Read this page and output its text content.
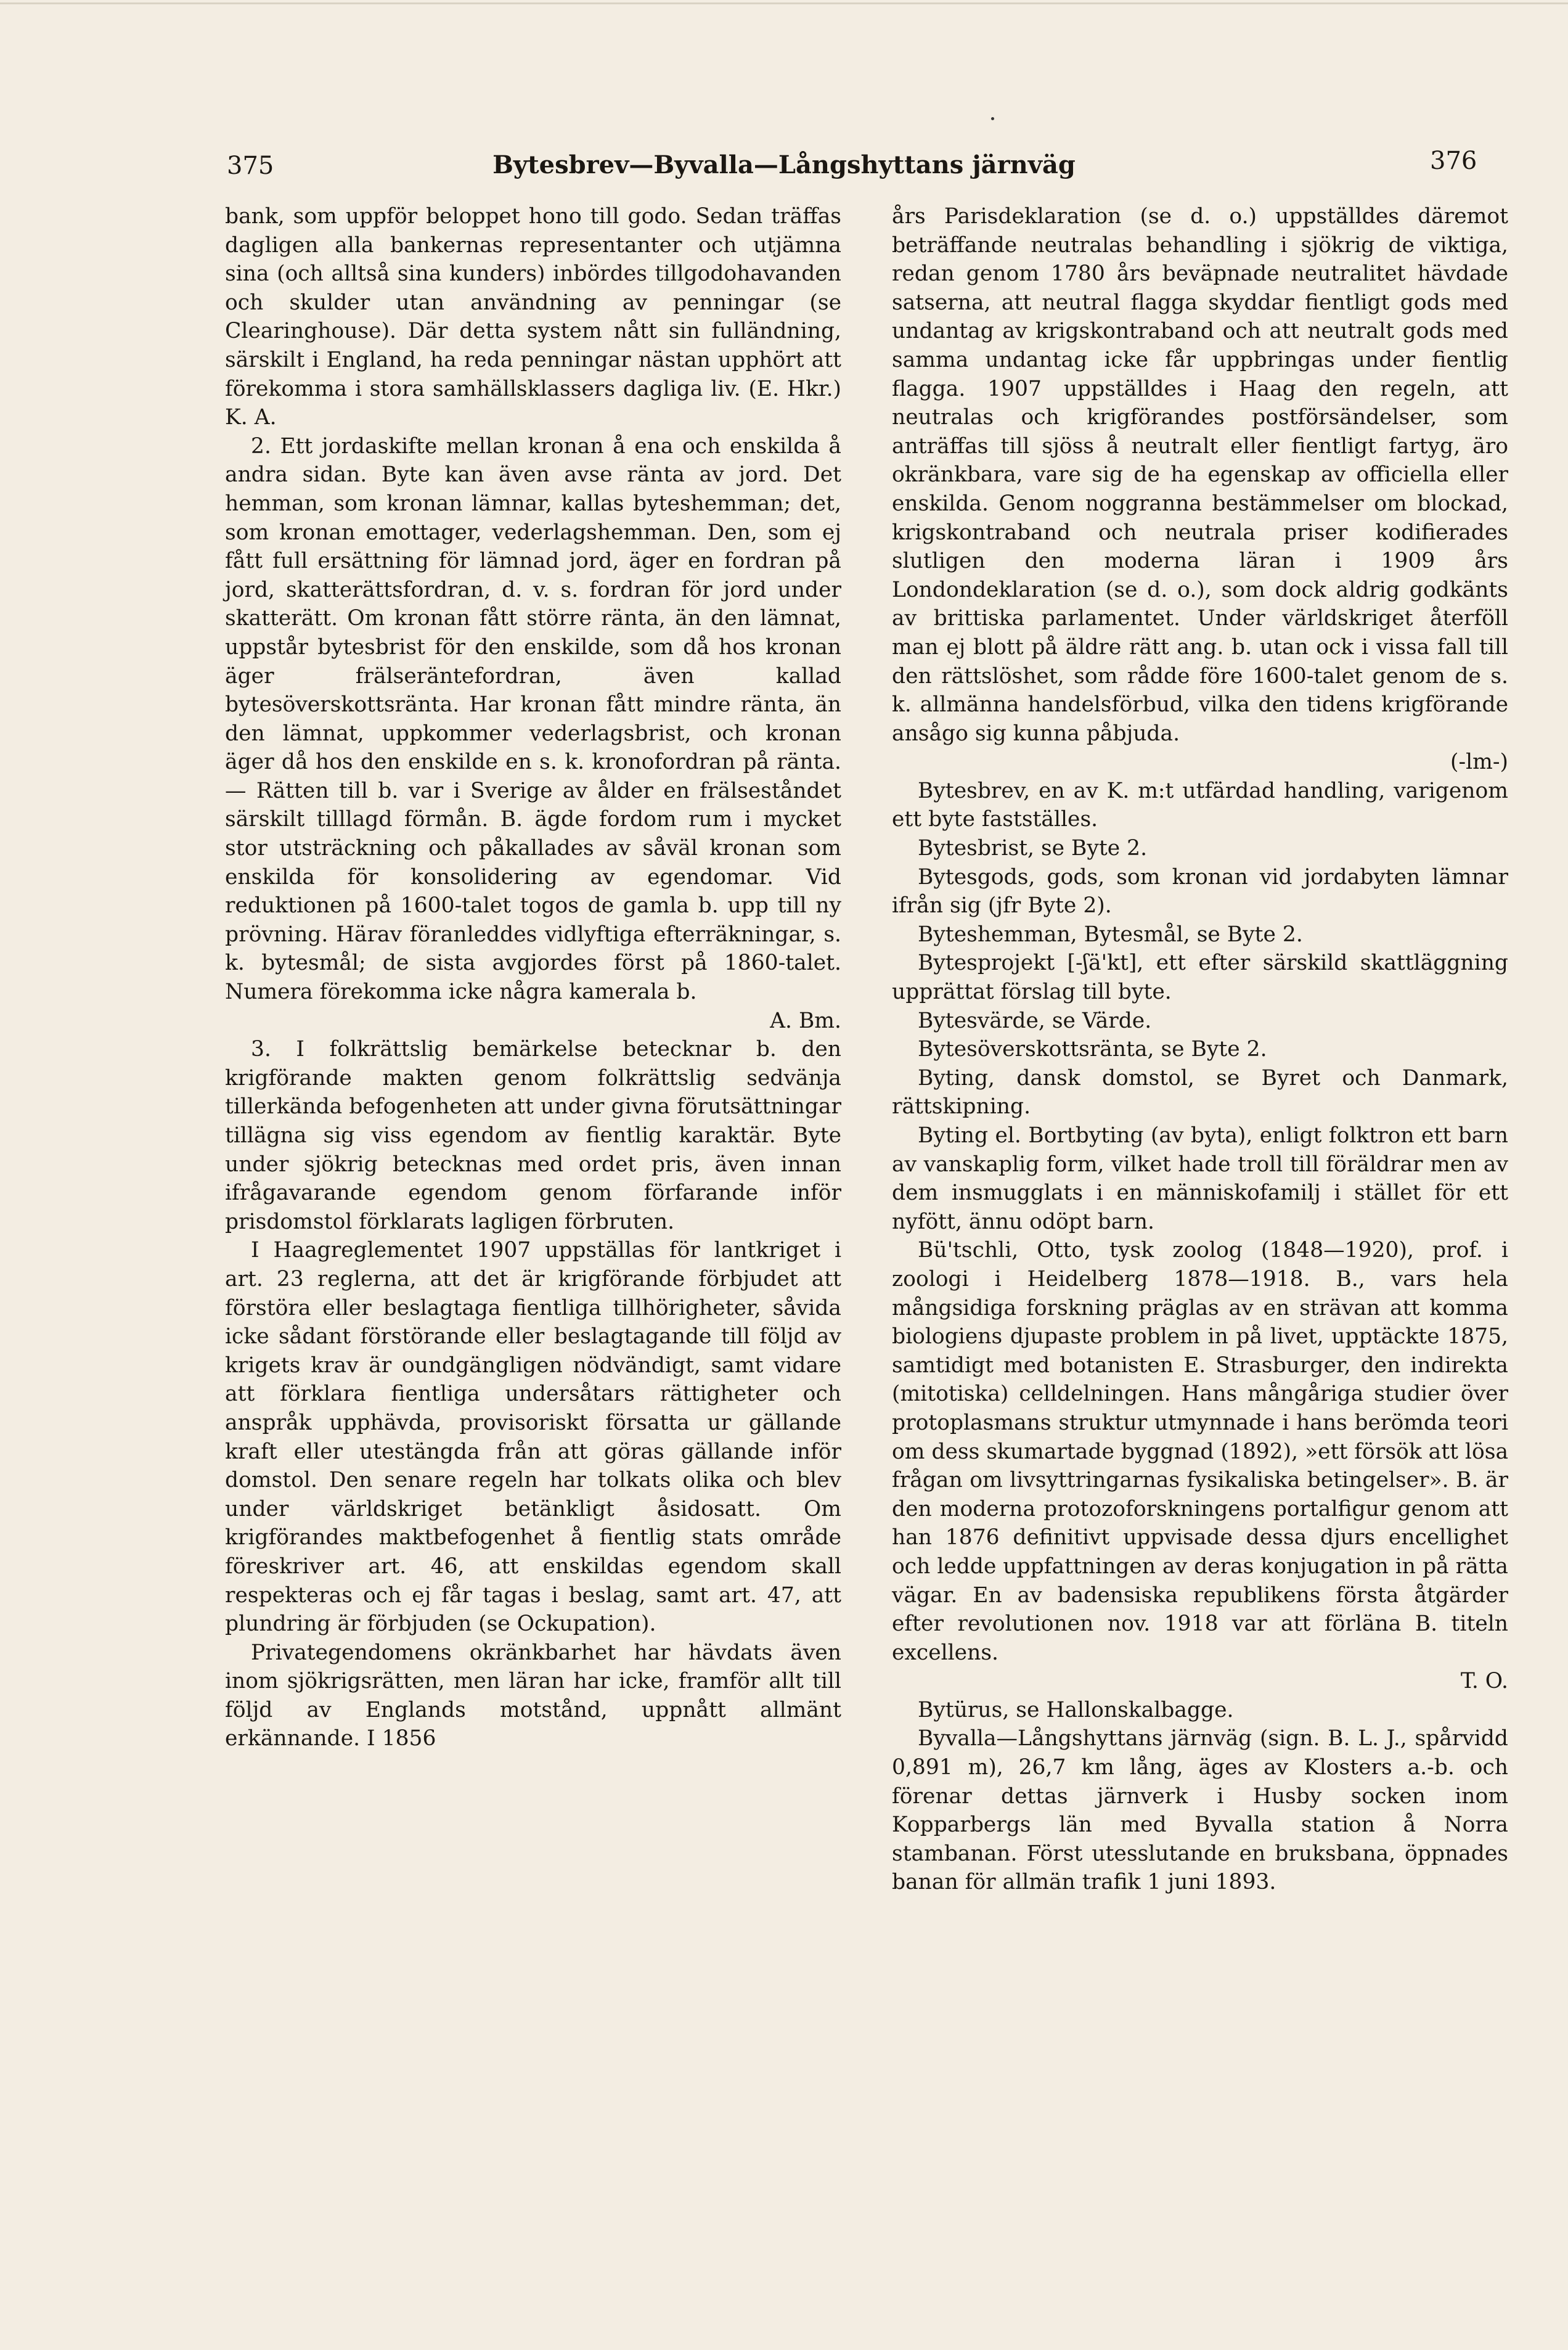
375	Bytesbrev—Byvalla—Långshyttans järnväg	376

bank, som uppför beloppet hono till godo. Sedan träffas dagligen alla bankernas representanter och utjämna sina (och alltså sina kunders) inbördes tillgodohavanden och skulder utan användning av penningar (se Clearinghouse). Där detta system nått sin fulländning, särskilt i England, ha reda penningar nästan upphört att förekomma i stora samhällsklassers dagliga liv. (E. Hkr.) K. A.

2. Ett jordaskifte mellan kronan å ena och enskilda å andra sidan. Byte kan även avse ränta av jord. Det hemman, som kronan lämnar, kallas byteshemman; det, som kronan emottager, vederlagshemman. Den, som ej fått full ersättning för lämnad jord, äger en fordran på jord, skatterättsfordran, d. v. s. fordran för jord under skatterätt. Om kronan fått större ränta, än den lämnat, uppstår bytesbrist för den enskilde, som då hos kronan äger frälseräntefordran, även kallad bytesöverskottsränta. Har kronan fått mindre ränta, än den lämnat, uppkommer vederlagsbrist, och kronan äger då hos den enskilde en s. k. kronofordran på ränta. — Rätten till b. var i Sverige av ålder en frälseståndet särskilt tilllagd förmån. B. ägde fordom rum i mycket stor utsträckning och påkallades av såväl kronan som enskilda för konsolidering av egendomar. Vid reduktionen på 1600-talet togos de gamla b. upp till ny prövning. Härav föranleddes vidlyftiga efterräkningar, s. k. bytesmål; de sista avgjordes först på 1860-talet. Numera förekomma icke några kamerala b.

A. Bm.

3. I folkrättslig bemärkelse betecknar b. den krigförande makten genom folkrättslig sedvänja tillerkända befogenheten att under givna förutsättningar tillägna sig viss egendom av fientlig karaktär. Byte under sjökrig betecknas med ordet pris, även innan ifrågavarande egendom genom förfarande inför prisdomstol förklarats lagligen förbruten.

I Haagreglementet 1907 uppställas för lantkriget i art. 23 reglerna, att det är krigförande förbjudet att förstöra eller beslagtaga fientliga tillhörigheter, såvida icke sådant förstörande eller beslagtagande till följd av krigets krav är oundgängligen nödvändigt, samt vidare att förklara fientliga undersåtars rättigheter och anspråk upphävda, provisoriskt försatta ur gällande kraft eller utestängda från att göras gällande inför domstol. Den senare regeln har tolkats olika och blev under världskriget betänkligt åsidosatt. Om krigförandes maktbefogenhet å fientlig stats område föreskriver art. 46, att enskildas egendom skall respekteras och ej får tagas i beslag, samt art. 47, att plundring är förbjuden (se Ockupation).

Privategendomens okränkbarhet har hävdats även inom sjökrigsrätten, men läran har icke, framför allt till följd av Englands motstånd, uppnått allmänt erkännande. I 1856

års Parisdeklaration (se d. o.) uppställdes däremot beträffande neutralas behandling i sjökrig de viktiga, redan genom 1780 års beväpnade neutralitet hävdade satserna, att neutral flagga skyddar fientligt gods med undantag av krigskontraband och att neutralt gods med samma undantag icke får uppbringas under fientlig flagga. 1907 uppställdes i Haag den regeln, att neutralas och krigförandes postförsändelser, som anträffas till sjöss å neutralt eller fientligt fartyg, äro okränkbara, vare sig de ha egenskap av officiella eller enskilda. Genom noggranna bestämmelser om blockad, krigskontraband och neutrala priser kodifierades slutligen den moderna läran i 1909 års Londondeklaration (se d. o.), som dock aldrig godkänts av brittiska parlamentet. Under världskriget återföll man ej blott på äldre rätt ang. b. utan ock i vissa fall till den rättslöshet, som rådde före 1600-talet genom de s. k. allmänna handelsförbud, vilka den tidens krigförande ansågo sig kunna påbjuda.

(-lm-)

Bytesbrev, en av K. m:t utfärdad handling, varigenom ett byte fastställes.

Bytesbrist, se Byte 2.

Bytesgods, gods, som kronan vid jordabyten lämnar ifrån sig (jfr Byte 2).

Byteshemman, Bytesmål, se Byte 2.

Bytesprojekt [-ʃä'kt], ett efter särskild skattläggning upprättat förslag till byte.

Bytesvärde, se Värde.

Bytesöverskottsränta, se Byte 2.

Byting, dansk domstol, se Byret och Danmark, rättskipning.

Byting el. Bortbyting (av byta), enligt folktron ett barn av vanskaplig form, vilket hade troll till föräldrar men av dem insmugglats i en människofamilj i stället för ett nyfött, ännu odöpt barn.

Bü'tschli, Otto, tysk zoolog (1848—1920), prof. i zoologi i Heidelberg 1878—1918. B., vars hela mångsidiga forskning präglas av en strävan att komma biologiens djupaste problem in på livet, upptäckte 1875, samtidigt med botanisten E. Strasburger, den indirekta (mitotiska) celldelningen. Hans mångåriga studier över protoplasmans struktur utmynnade i hans berömda teori om dess skumartade byggnad (1892), »ett försök att lösa frågan om livsyttringarnas fysikaliska betingelser». B. är den moderna protozoforskningens portalfigur genom att han 1876 definitivt uppvisade dessa djurs encellighet och ledde uppfattningen av deras konjugation in på rätta vägar. En av badensiska republikens första åtgärder efter revolutionen nov. 1918 var att förläna B. titeln excellens.

T. O.

Bytürus, se Hallonskalbagge.

Byvalla—Långshyttans järnväg (sign. B. L. J., spårvidd 0,891 m), 26,7 km lång, äges av Klosters a.-b. och förenar dettas järnverk i Husby socken inom Kopparbergs län med Byvalla station å Norra stambanan. Först utesslutande en bruksbana, öppnades banan för allmän trafik 1 juni 1893.
